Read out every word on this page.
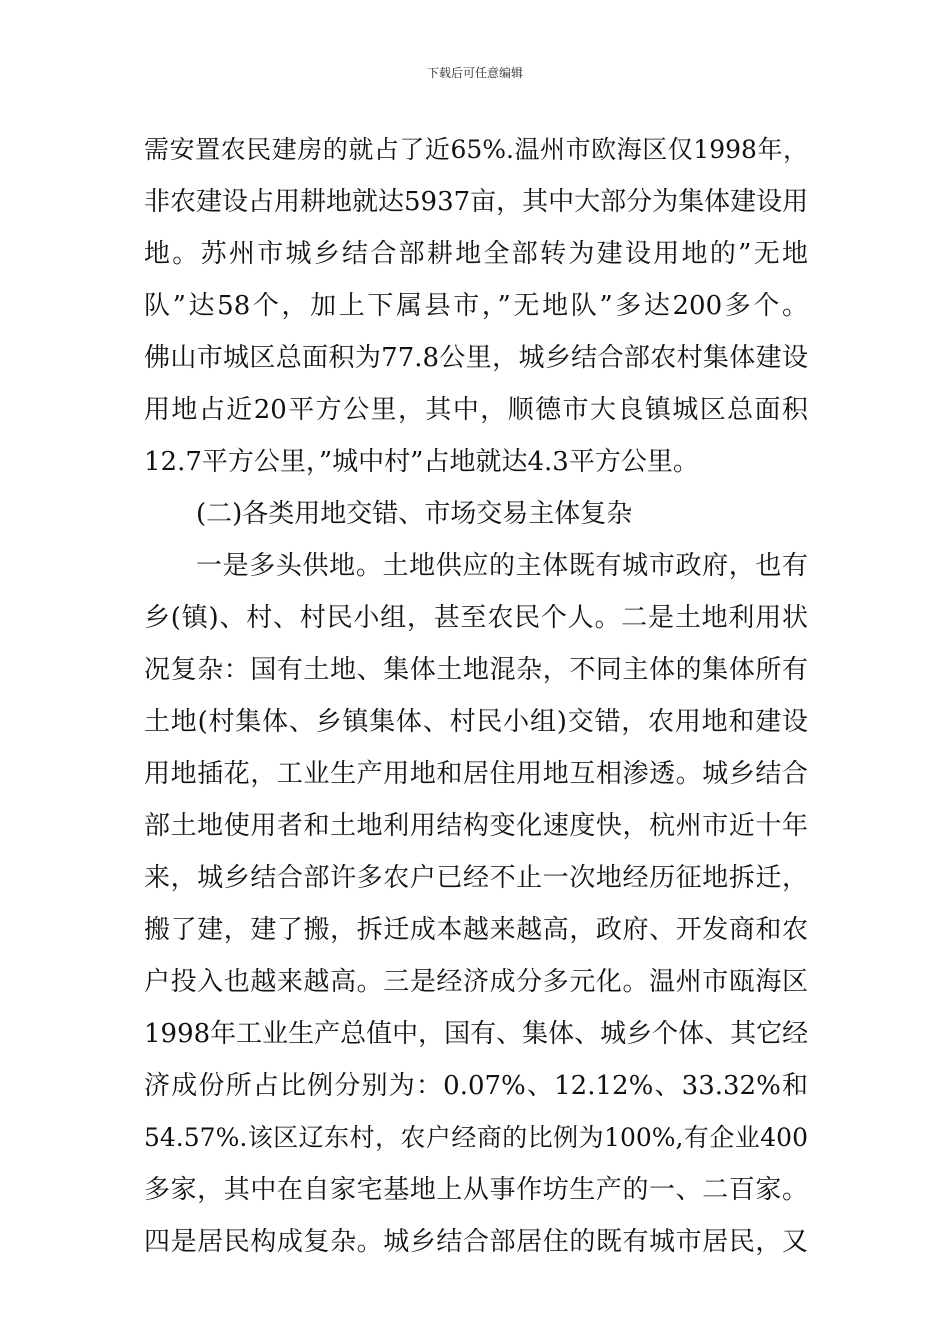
下载后可任意编辑
需安置农民建房的就占了近65%.温州市欧海区仅1998年，
非农建设占用耕地就达5937亩，其中大部分为集体建设用
地。苏州市城乡结合部耕地全部转为建设用地的”无地
队”达58个，加上下属县市，”无地队”多达200多个。
佛山市城区总面积为77.8公里，城乡结合部农村集体建设
用地占近20平方公里，其中，顺德市大良镇城区总面积
12.7平方公里，”城中村”占地就达4.3平方公里。
(二)各类用地交错、市场交易主体复杂
一是多头供地。土地供应的主体既有城市政府，也有
乡(镇)、村、村民小组，甚至农民个人。二是土地利用状
况复杂：国有土地、集体土地混杂，不同主体的集体所有
土地(村集体、乡镇集体、村民小组)交错，农用地和建设
用地插花，工业生产用地和居住用地互相渗透。城乡结合
部土地使用者和土地利用结构变化速度快，杭州市近十年
来，城乡结合部许多农户已经不止一次地经历征地拆迁，
搬了建，建了搬，拆迁成本越来越高，政府、开发商和农
户投入也越来越高。三是经济成分多元化。温州市瓯海区
1998年工业生产总值中，国有、集体、城乡个体、其它经
济成份所占比例分别为：0.07%、12.12%、33.32%和
54.57%.该区辽东村，农户经商的比例为100%,有企业400
多家，其中在自家宅基地上从事作坊生产的一、二百家。
四是居民构成复杂。城乡结合部居住的既有城市居民，又
